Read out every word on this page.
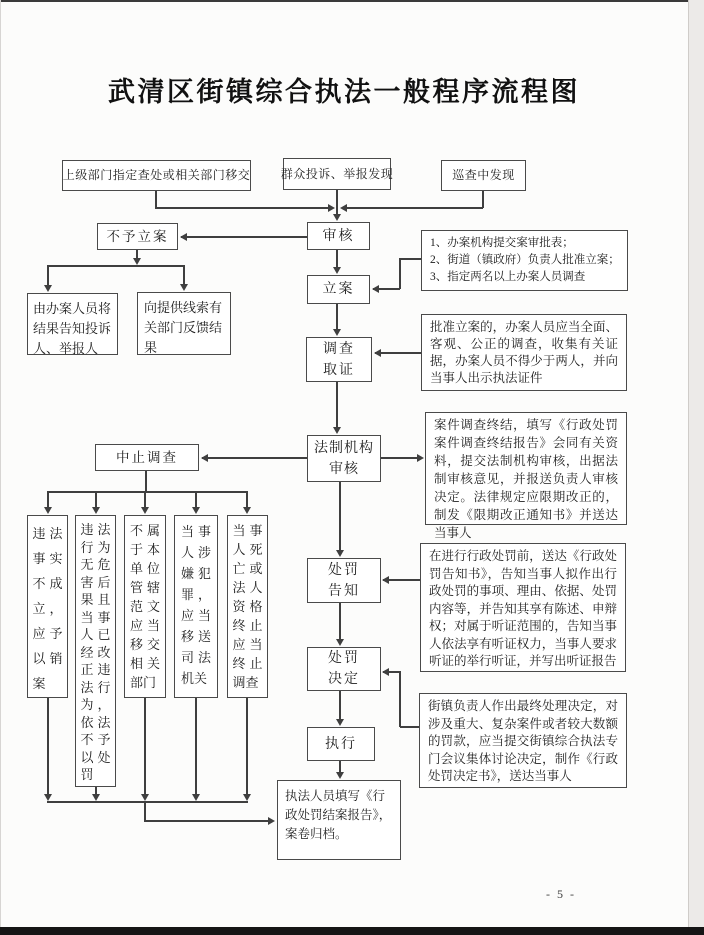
武清区街镇综合执法一般程序流程图
上级部门指定查处或相关部门移交	群众投诉、举报发现	巡查中发现
审核
不予立案
立案
调查取证
法制机构审核
中止调查
处罚告知
处罚决定
执行
执法人员填写《行政处罚结案报告》，案卷归档。
由办案人员将结果告知投诉人、举报人
向提供线索有关部门反馈结果
1、办案机构提交案审批表；
2、街道（镇政府）负责人批准立案；
3、指定两名以上办案人员调查
批准立案的，办案人员应当全面、客观、公正的调查，收集有关证据，办案人员不得少于两人，并向当事人出示执法证件
案件调查终结，填写《行政处罚案件调查终结报告》会同有关资料，提交法制机构审核，出据法制审核意见，并报送负责人审核决定。法律规定应限期改正的，制发《限期改正通知书》并送达当事人
在进行行政处罚前，送达《行政处罚告知书》，告知当事人拟作出行政处罚的事项、理由、依据、处罚内容等，并告知其享有陈述、申辩权；对属于听证范围的，告知当事人依法享有听证权力，当事人要求听证的举行听证，并写出听证报告
街镇负责人作出最终处理决定，对涉及重大、复杂案件或者较大数额的罚款，应当提交街镇综合执法专门会议集体讨论决定，制作《行政处罚决定书》，送达当事人
违法事实不成立，应予以销案
违法行为无危害后果且当事人已经改正违法行为，依法不予以处罚
不属于本单位管辖范文应当移交相关部门
当事人涉嫌犯罪，应当移送司法机关
当事人死亡或法人资格终止应当终止调查
- 5 -
